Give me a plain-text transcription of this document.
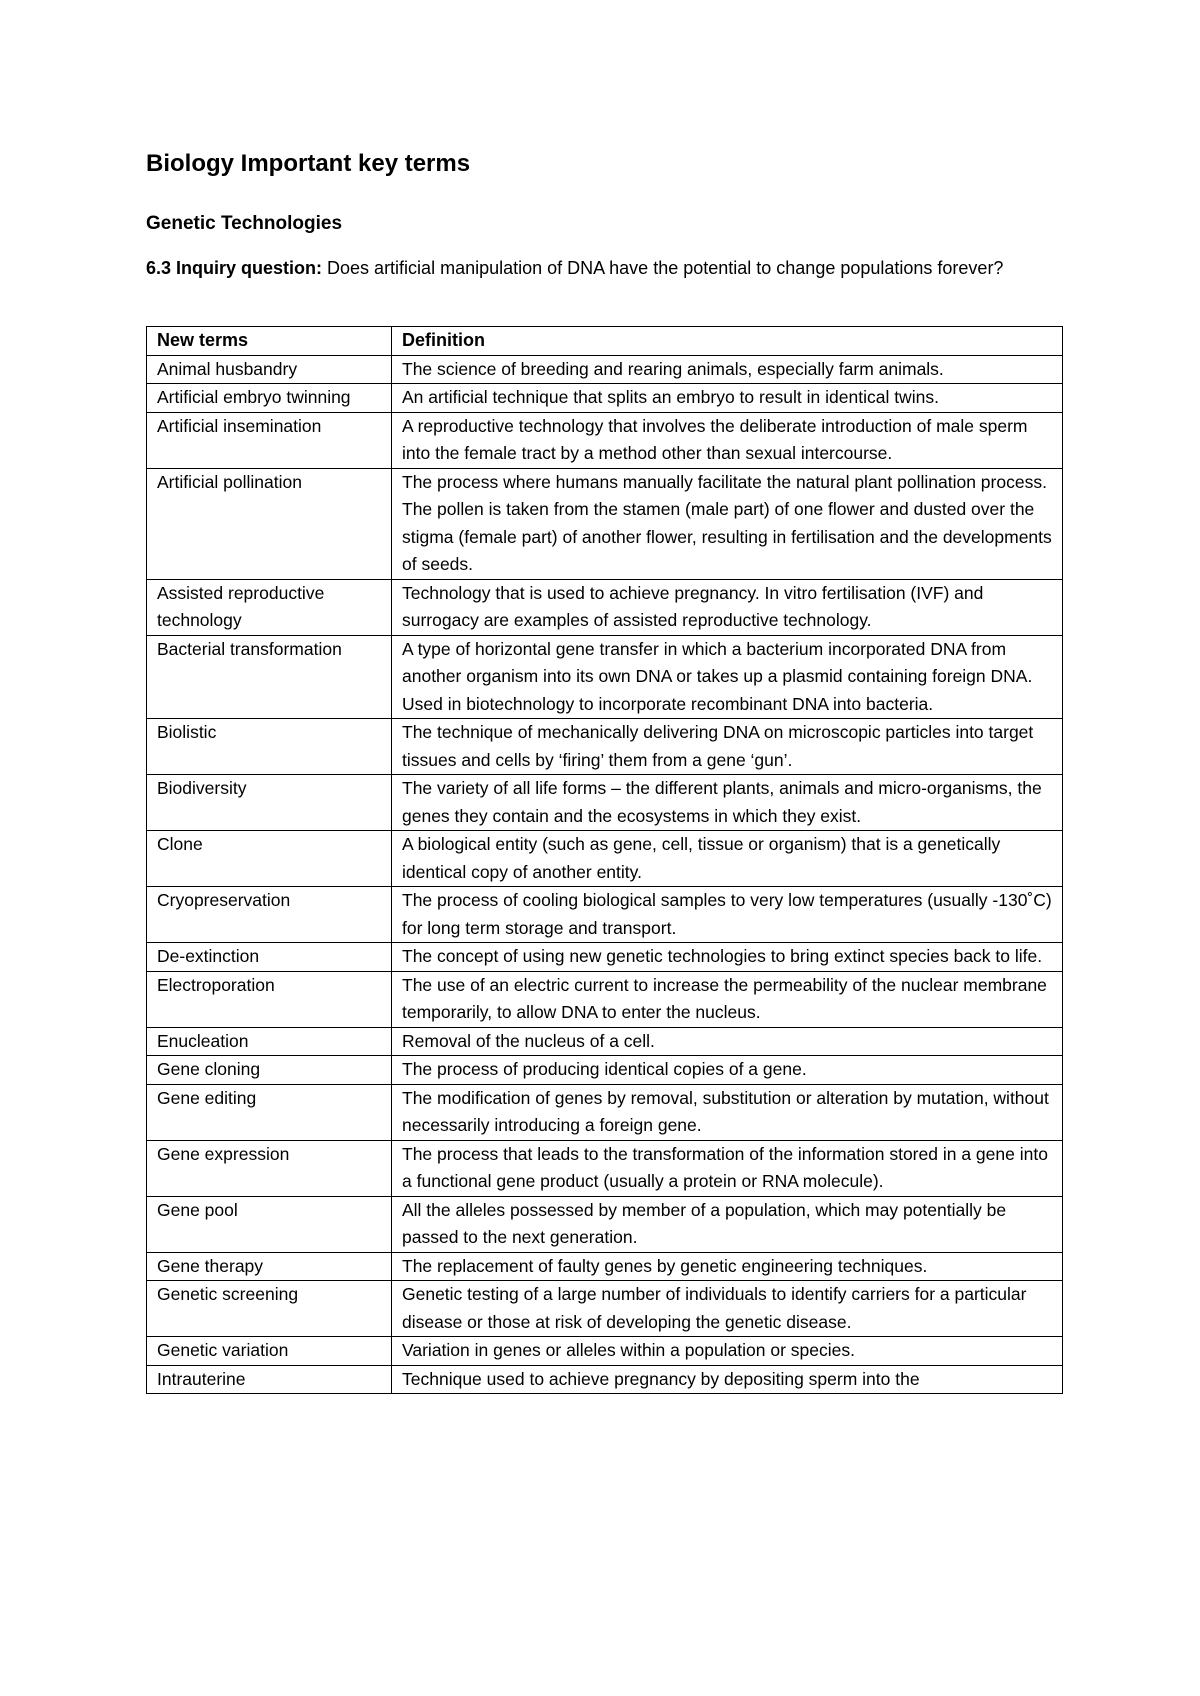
Biology Important key terms
Genetic Technologies

6.3 Inquiry question: Does artificial manipulation of DNA have the potential to change populations forever?

New terms	Definition
Animal husbandry	The science of breeding and rearing animals, especially farm animals.
Artificial embryo twinning	An artificial technique that splits an embryo to result in identical twins.
Artificial insemination	A reproductive technology that involves the deliberate introduction of male sperm into the female tract by a method other than sexual intercourse.
Artificial pollination	The process where humans manually facilitate the natural plant pollination process. The pollen is taken from the stamen (male part) of one flower and dusted over the stigma (female part) of another flower, resulting in fertilisation and the developments of seeds.
Assisted reproductive technology	Technology that is used to achieve pregnancy. In vitro fertilisation (IVF) and surrogacy are examples of assisted reproductive technology.
Bacterial transformation	A type of horizontal gene transfer in which a bacterium incorporated DNA from another organism into its own DNA or takes up a plasmid containing foreign DNA. Used in biotechnology to incorporate recombinant DNA into bacteria.
Biolistic	The technique of mechanically delivering DNA on microscopic particles into target tissues and cells by ‘firing’ them from a gene ‘gun’.
Biodiversity	The variety of all life forms – the different plants, animals and micro-organisms, the genes they contain and the ecosystems in which they exist.
Clone	A biological entity (such as gene, cell, tissue or organism) that is a genetically identical copy of another entity.
Cryopreservation	The process of cooling biological samples to very low temperatures (usually -130˚C) for long term storage and transport.
De-extinction	The concept of using new genetic technologies to bring extinct species back to life.
Electroporation	The use of an electric current to increase the permeability of the nuclear membrane temporarily, to allow DNA to enter the nucleus.
Enucleation	Removal of the nucleus of a cell.
Gene cloning	The process of producing identical copies of a gene.
Gene editing	The modification of genes by removal, substitution or alteration by mutation, without necessarily introducing a foreign gene.
Gene expression	The process that leads to the transformation of the information stored in a gene into a functional gene product (usually a protein or RNA molecule).
Gene pool	All the alleles possessed by member of a population, which may potentially be passed to the next generation.
Gene therapy	The replacement of faulty genes by genetic engineering techniques.
Genetic screening	Genetic testing of a large number of individuals to identify carriers for a particular disease or those at risk of developing the genetic disease.
Genetic variation	Variation in genes or alleles within a population or species.
Intrauterine	Technique used to achieve pregnancy by depositing sperm into the
